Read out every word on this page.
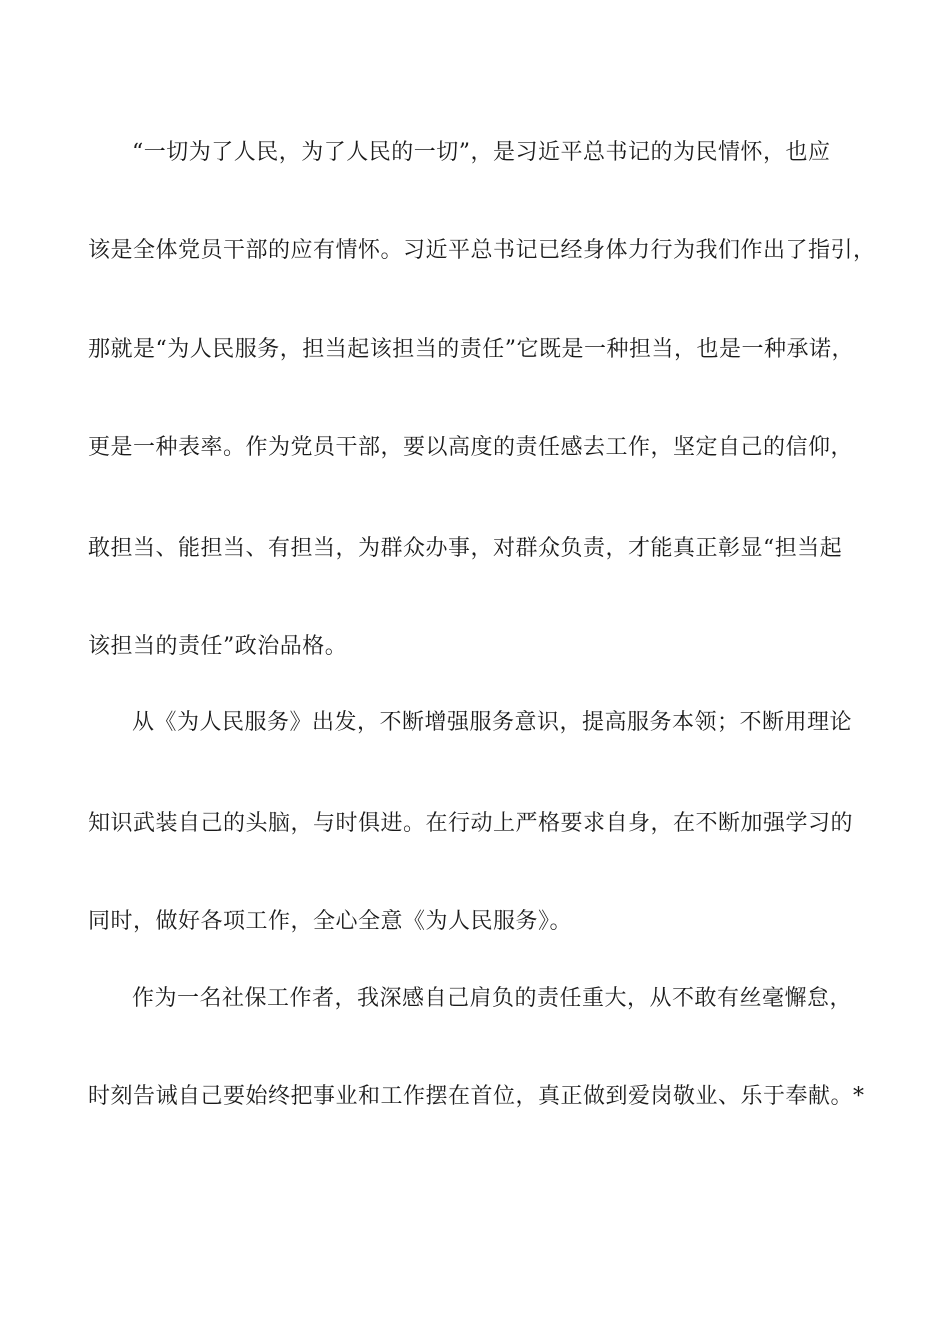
“一切为了人民，为了人民的一切”，是习近平总书记的为民情怀，也应
该是全体党员干部的应有情怀。习近平总书记已经身体力行为我们作出了指引，
那就是“为人民服务，担当起该担当的责任”它既是一种担当，也是一种承诺，
更是一种表率。作为党员干部，要以高度的责任感去工作，坚定自己的信仰，
敢担当、能担当、有担当，为群众办事，对群众负责，才能真正彰显“担当起
该担当的责任”政治品格。
从《为人民服务》出发，不断增强服务意识，提高服务本领；不断用理论
知识武装自己的头脑，与时俱进。在行动上严格要求自身，在不断加强学习的
同时，做好各项工作，全心全意《为人民服务》。
作为一名社保工作者，我深感自己肩负的责任重大，从不敢有丝毫懈怠，
时刻告诫自己要始终把事业和工作摆在首位，真正做到爱岗敬业、乐于奉献。*
